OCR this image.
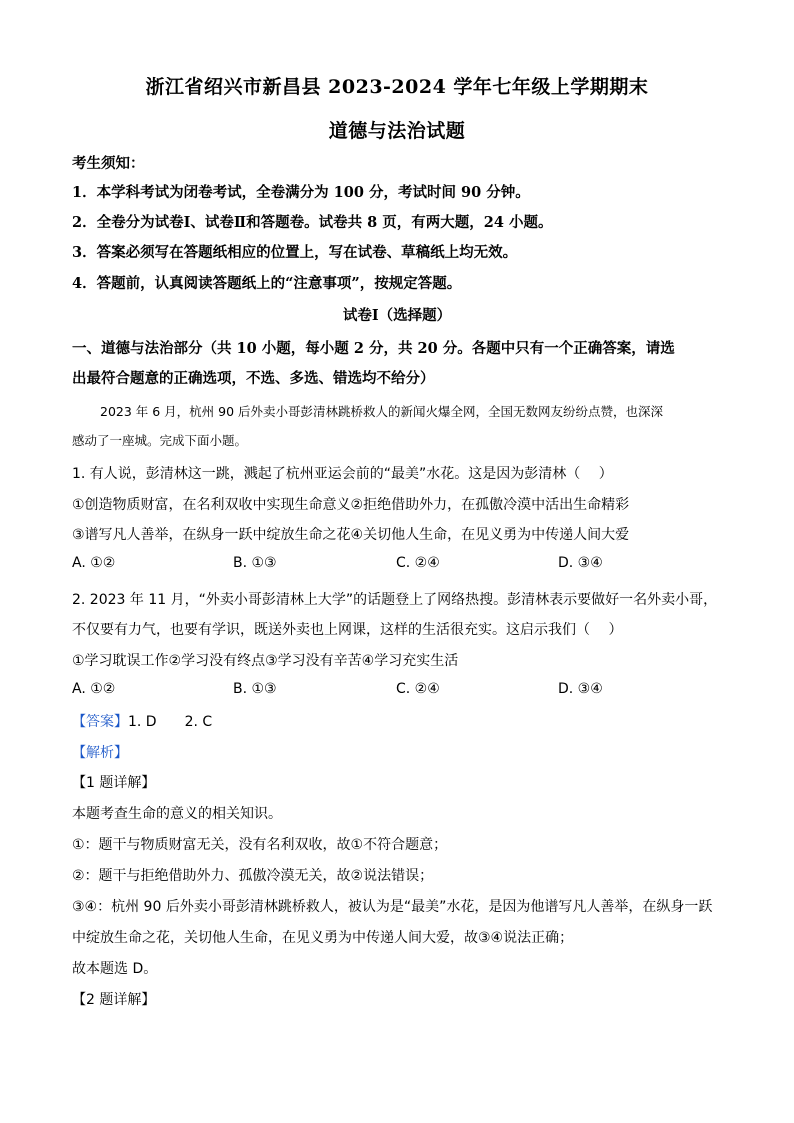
浙江省绍兴市新昌县 2023-2024 学年七年级上学期期末
道德与法治试题
考生须知：
1．本学科考试为闭卷考试，全卷满分为 100 分，考试时间 90 分钟。
2．全卷分为试卷Ⅰ、试卷Ⅱ和答题卷。试卷共 8 页，有两大题，24 小题。
3．答案必须写在答题纸相应的位置上，写在试卷、草稿纸上均无效。
4．答题前，认真阅读答题纸上的“注意事项”，按规定答题。
试卷Ⅰ（选择题）
一、道德与法治部分（共 10 小题，每小题 2 分，共 20 分。各题中只有一个正确答案，请选
出最符合题意的正确选项，不选、多选、错选均不给分）
2023 年 6 月，杭州 90 后外卖小哥彭清林跳桥救人的新闻火爆全网，全国无数网友纷纷点赞，也深深
感动了一座城。完成下面小题。
1. 有人说，彭清林这一跳，溅起了杭州亚运会前的“最美”水花。这是因为彭清林（　 ）
①创造物质财富，在名利双收中实现生命意义②拒绝借助外力，在孤傲冷漠中活出生命精彩
③谱写凡人善举，在纵身一跃中绽放生命之花④关切他人生命，在见义勇为中传递人间大爱
A. ①②	B. ①③	C. ②④	D. ③④
2. 2023 年 11 月，“外卖小哥彭清林上大学”的话题登上了网络热搜。彭清林表示要做好一名外卖小哥，
不仅要有力气，也要有学识，既送外卖也上网课，这样的生活很充实。这启示我们（　 ）
①学习耽误工作②学习没有终点③学习没有辛苦④学习充实生活
A. ①②	B. ①③	C. ②④	D. ③④
【答案】1. D　　2. C
【解析】
【1 题详解】
本题考查生命的意义的相关知识。
①：题干与物质财富无关，没有名利双收，故①不符合题意；
②：题干与拒绝借助外力、孤傲冷漠无关，故②说法错误；
③④：杭州 90 后外卖小哥彭清林跳桥救人，被认为是“最美”水花，是因为他谱写凡人善举，在纵身一跃
中绽放生命之花，关切他人生命，在见义勇为中传递人间大爱，故③④说法正确；
故本题选 D。
【2 题详解】
